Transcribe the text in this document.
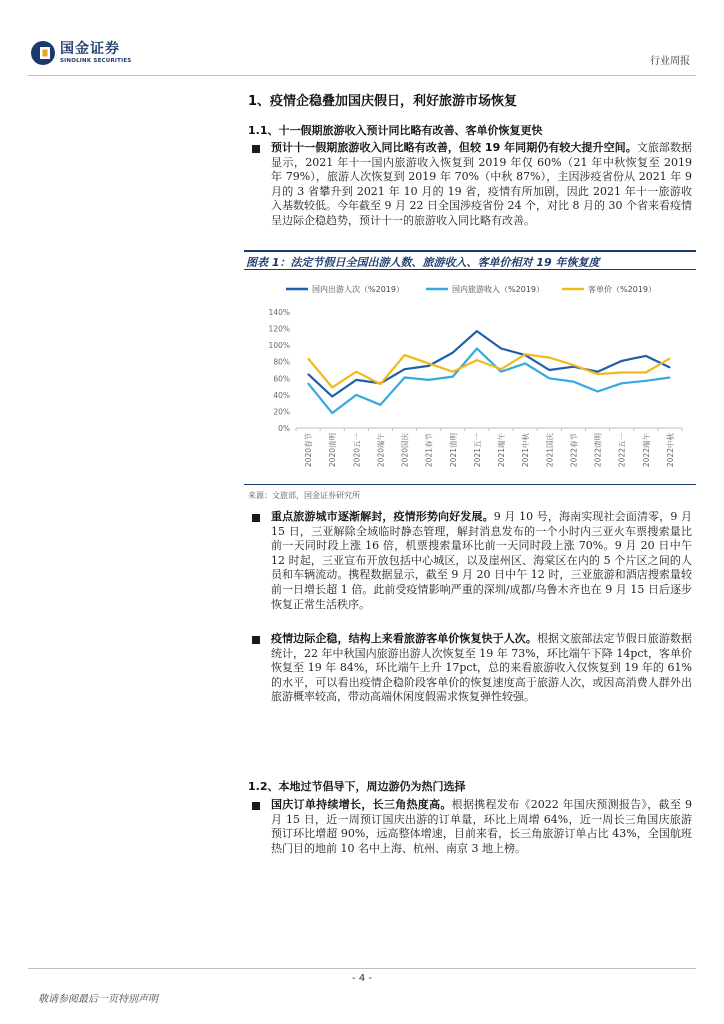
国金证券
SINOLINK SECURITIES	行业周报
1、疫情企稳叠加国庆假日，利好旅游市场恢复
1.1、十一假期旅游收入预计同比略有改善、客单价恢复更快
预计十一假期旅游收入同比略有改善，但较 19 年同期仍有较大提升空间。文旅部数据显示，2021 年十一国内旅游收入恢复到 2019 年仅 60%（21 年中秋恢复至 2019 年 79%），旅游人次恢复到 2019 年 70%（中秋 87%），主因涉疫省份从 2021 年 9 月的 3 省攀升到 2021 年 10 月的 19 省，疫情有所加剧，因此 2021 年十一旅游收入基数较低。今年截至 9 月 22 日全国涉疫省份 24 个，对比 8 月的 30 个省来看疫情呈边际企稳趋势，预计十一的旅游收入同比略有改善。
图表 1：法定节假日全国出游人数、旅游收入、客单价相对 19 年恢复度
国内出游人次（%2019）	国内旅游收入（%2019）	客单价（%2019）
0%
20%
40%
60%
80%
100%
120%
140%
2020春节 2020清明 2020五一 2020端午 2020国庆 2021春节 2021清明 2021五一 2021端午 2021中秋 2021国庆 2022春节 2022清明 2022五一 2022端午 2022中秋
来源：文旅部，国金证券研究所
重点旅游城市逐渐解封，疫情形势向好发展。9 月 10 号，海南实现社会面清零，9 月 15 日，三亚解除全域临时静态管理，解封消息发布的一个小时内三亚火车票搜索量比前一天同时段上涨 16 倍，机票搜索量环比前一天同时段上涨 70%。9 月 20 日中午 12 时起，三亚宣布开放包括中心城区，以及崖州区、海棠区在内的 5 个片区之间的人员和车辆流动。携程数据显示，截至 9 月 20 日中午 12 时，三亚旅游和酒店搜索量较前一日增长超 1 倍。此前受疫情影响严重的深圳/成都/乌鲁木齐也在 9 月 15 日后逐步恢复正常生活秩序。
疫情边际企稳，结构上来看旅游客单价恢复快于人次。根据文旅部法定节假日旅游数据统计，22 年中秋国内旅游出游人次恢复至 19 年 73%，环比端午下降 14pct，客单价恢复至 19 年 84%，环比端午上升 17pct，总的来看旅游收入仅恢复到 19 年的 61%的水平，可以看出疫情企稳阶段客单价的恢复速度高于旅游人次，或因高消费人群外出旅游概率较高，带动高端休闲度假需求恢复弹性较强。
1.2、本地过节倡导下，周边游仍为热门选择
国庆订单持续增长，长三角热度高。根据携程发布《2022 年国庆预测报告》，截至 9 月 15 日，近一周预订国庆出游的订单量，环比上周增 64%，近一周长三角国庆旅游预订环比增超 90%，远高整体增速，目前来看，长三角旅游订单占比 43%，全国航班热门目的地前 10 名中上海、杭州、南京 3 地上榜。
- 4 -
敬请参阅最后一页特别声明
